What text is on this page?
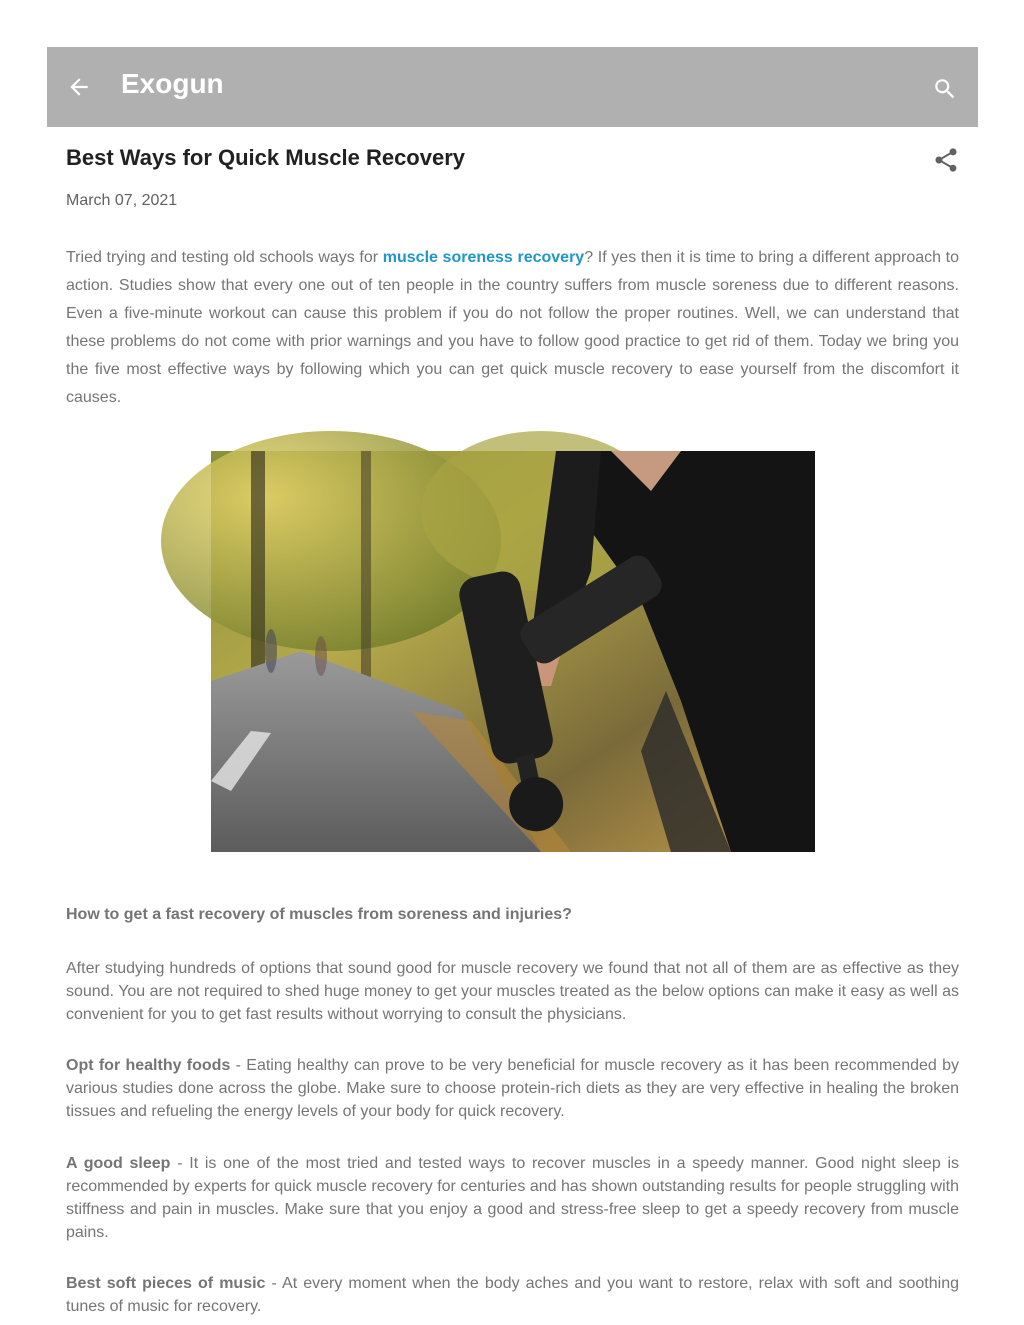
Exogun
Best Ways for Quick Muscle Recovery
March 07, 2021

Tried trying and testing old schools ways for muscle soreness recovery? If yes then it is time to bring a different approach to action. Studies show that every one out of ten people in the country suffers from muscle soreness due to different reasons. Even a five-minute workout can cause this problem if you do not follow the proper routines. Well, we can understand that these problems do not come with prior warnings and you have to follow good practice to get rid of them. Today we bring you the five most effective ways by following which you can get quick muscle recovery to ease yourself from the discomfort it causes.

How to get a fast recovery of muscles from soreness and injuries?

After studying hundreds of options that sound good for muscle recovery we found that not all of them are as effective as they sound. You are not required to shed huge money to get your muscles treated as the below options can make it easy as well as convenient for you to get fast results without worrying to consult the physicians.

Opt for healthy foods - Eating healthy can prove to be very beneficial for muscle recovery as it has been recommended by various studies done across the globe. Make sure to choose protein-rich diets as they are very effective in healing the broken tissues and refueling the energy levels of your body for quick recovery.

A good sleep - It is one of the most tried and tested ways to recover muscles in a speedy manner. Good night sleep is recommended by experts for quick muscle recovery for centuries and has shown outstanding results for people struggling with stiffness and pain in muscles. Make sure that you enjoy a good and stress-free sleep to get a speedy recovery from muscle pains.

Best soft pieces of music - At every moment when the body aches and you want to restore, relax with soft and soothing tunes of music for recovery.
